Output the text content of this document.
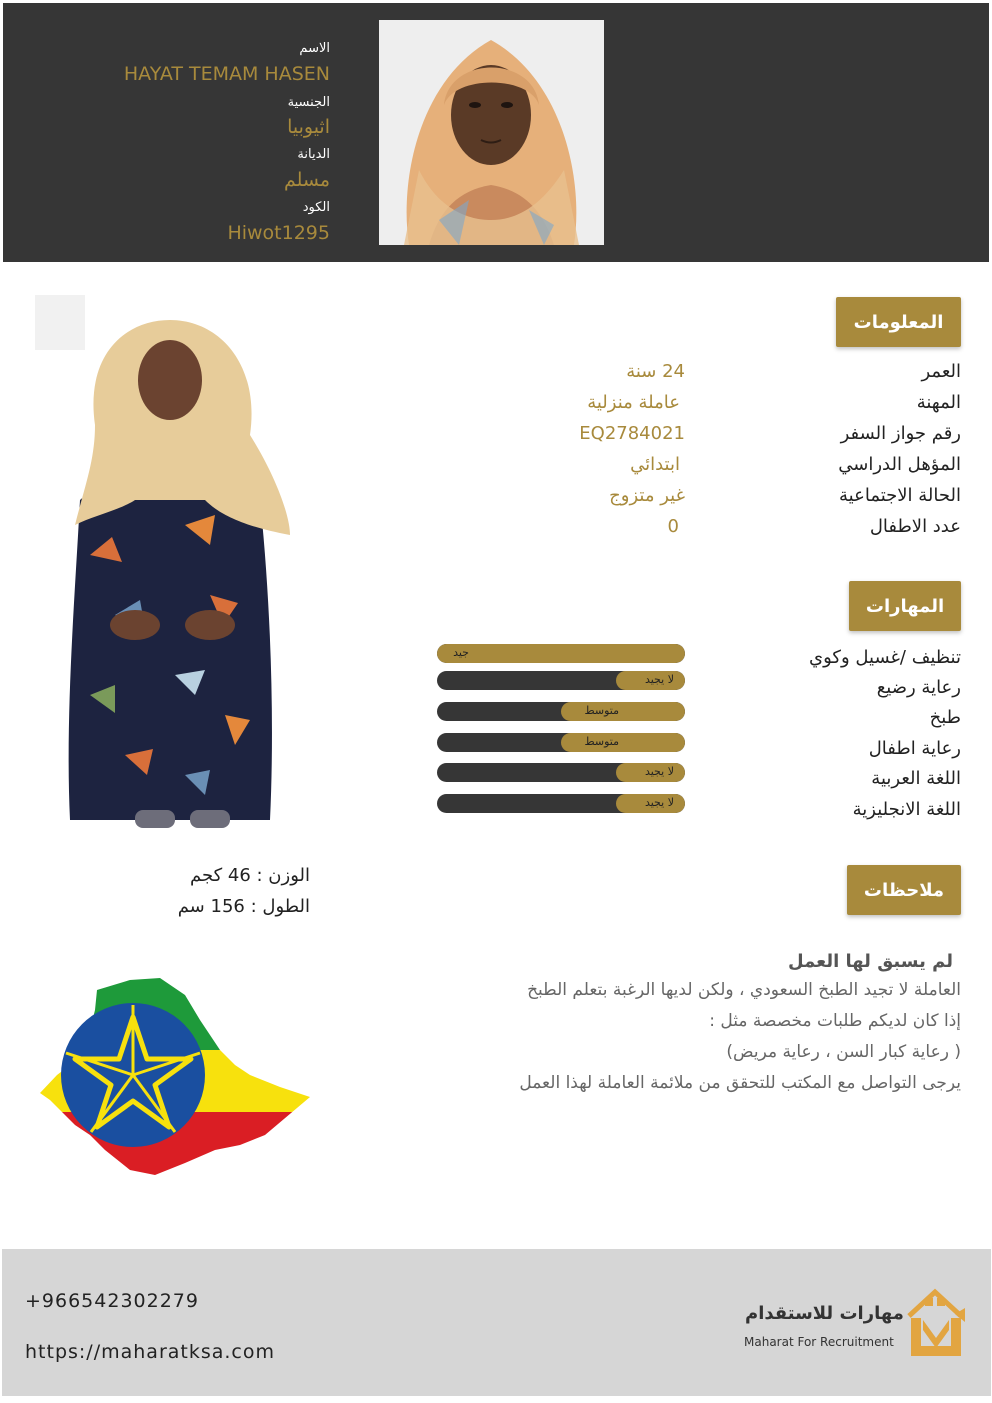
الاسم
HAYAT TEMAM HASEN
الجنسية
اثيوبيا
الديانة
مسلم
الكود
Hiwot1295
المعلومات
العمر
24 سنة
المهنة
عاملة منزلية
رقم جواز السفر
EQ2784021
المؤهل الدراسي
ابتدائي
الحالة الاجتماعية
غير متزوج
عدد الاطفال
0
المهارات
تنظيف /غسيل وكوي
رعاية رضيع
طبخ
رعاية اطفال
اللغة العربية
اللغة الانجليزية
جيد
لا يجيد
متوسط
متوسط
لا يجيد
لا يجيد
ملاحظات
لم يسبق لها العمل
العاملة لا تجيد الطبخ السعودي ، ولكن لديها الرغبة بتعلم الطبخ
إذا كان لديكم طلبات مخصصة مثل :
( رعاية كبار السن ، رعاية مريض)
يرجى التواصل مع المكتب للتحقق من ملائمة العاملة لهذا العمل
الوزن : 46 كجم
الطول : 156 سم
+966542302279
https://maharatksa.com
مهارات للاستقدام
Maharat For Recruitment
